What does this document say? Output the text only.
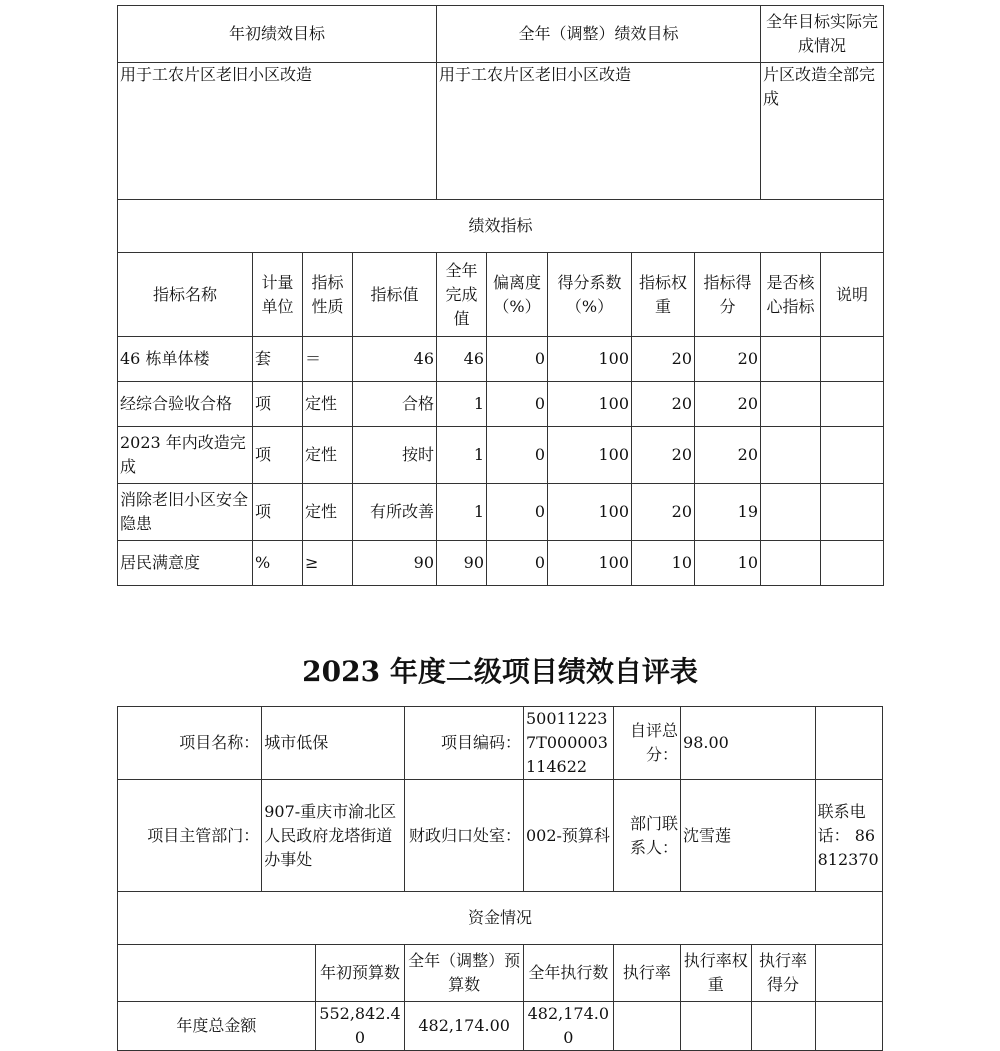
年初绩效目标				全年（调整）绩效目标					全年目标实际完成情况	
用于工农片区老旧小区改造				用于工农片区老旧小区改造					片区改造全部完成	
绩效指标										
指标名称	计量单位	指标性质	指标值	全年完成值	偏离度（%）	得分系数（%）	指标权重	指标得分	是否核心指标	说明
46 栋单体楼	套	＝	46	46	0	100	20	20		
经综合验收合格	项	定性	合格	1	0	100	20	20		
2023 年内改造完成	项	定性	按时	1	0	100	20	20		
消除老旧小区安全隐患	项	定性	有所改善	1	0	100	20	19		
居民满意度	%	≥	90	90	0	100	10	10		
2023 年度二级项目绩效自评表
项目名称：	城市低保		项目编码：	500112237T000003114622	自评总分：	98.00		
项目主管部门：	907-重庆市渝北区人民政府龙塔街道办事处		财政归口处室：	002-预算科	部门联系人：	沈雪莲		联系电话： 86812370
资金情况								
		年初预算数	全年（调整）预算数	全年执行数	执行率	执行率权重	执行率得分	
年度总金额		552,842.40	482,174.00	482,174.00				
